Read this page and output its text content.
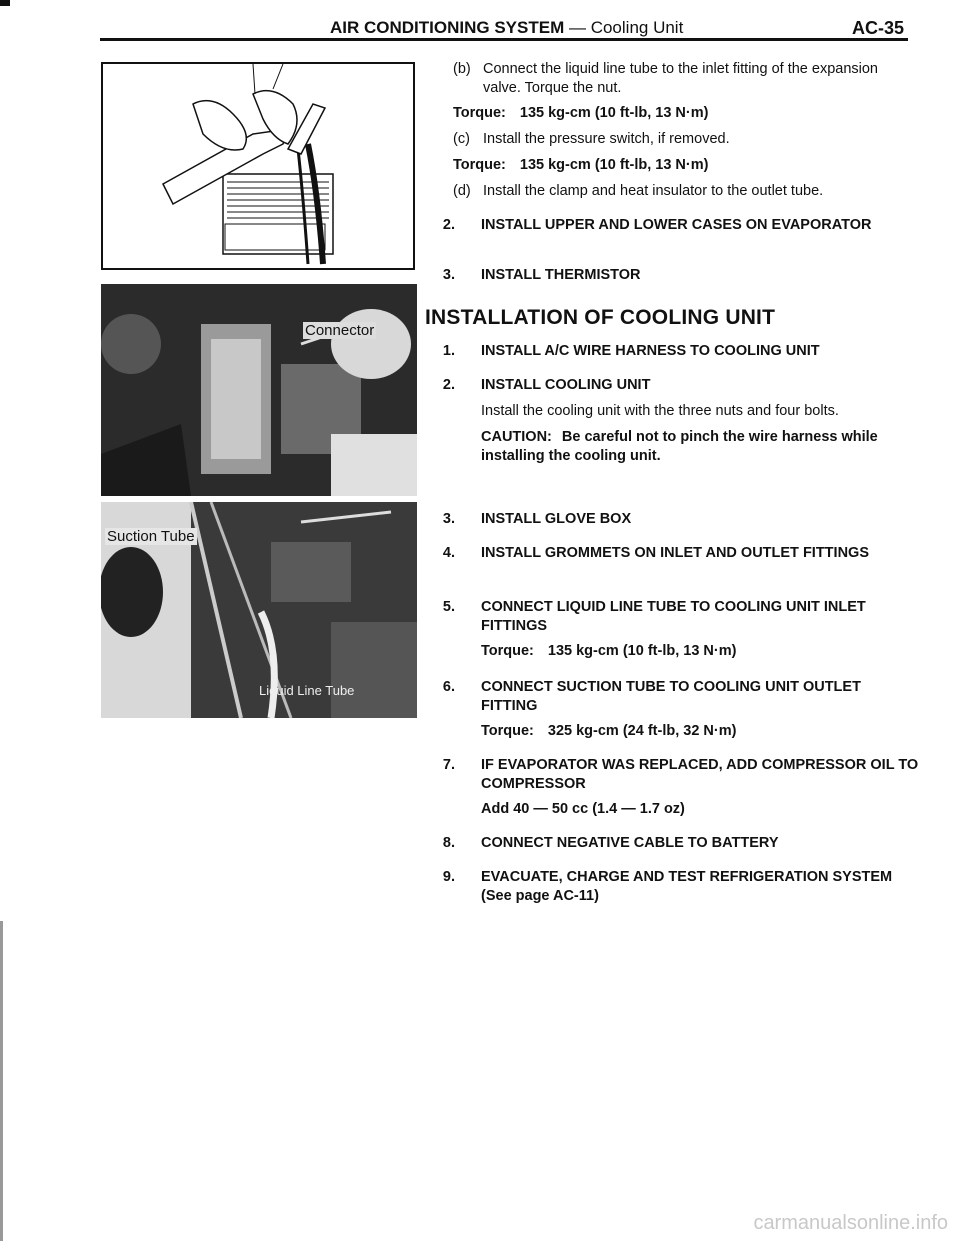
AIR CONDITIONING SYSTEM — Cooling Unit	AC-35
Connector
Suction Tube
Liquid Line Tube
(b) Connect the liquid line tube to the inlet fitting of the expansion valve. Torque the nut.
Torque: 135 kg-cm (10 ft-lb, 13 N·m)
(c) Install the pressure switch, if removed.
Torque: 135 kg-cm (10 ft-lb, 13 N·m)
(d) Install the clamp and heat insulator to the outlet tube.
2. INSTALL UPPER AND LOWER CASES ON EVAPORATOR
3. INSTALL THERMISTOR
INSTALLATION OF COOLING UNIT
1. INSTALL A/C WIRE HARNESS TO COOLING UNIT
2. INSTALL COOLING UNIT
Install the cooling unit with the three nuts and four bolts.
CAUTION: Be careful not to pinch the wire harness while installing the cooling unit.
3. INSTALL GLOVE BOX
4. INSTALL GROMMETS ON INLET AND OUTLET FITTINGS
5. CONNECT LIQUID LINE TUBE TO COOLING UNIT INLET FITTINGS
Torque: 135 kg-cm (10 ft-lb, 13 N·m)
6. CONNECT SUCTION TUBE TO COOLING UNIT OUTLET FITTING
Torque: 325 kg-cm (24 ft-lb, 32 N·m)
7. IF EVAPORATOR WAS REPLACED, ADD COMPRESSOR OIL TO COMPRESSOR
Add 40 — 50 cc (1.4 — 1.7 oz)
8. CONNECT NEGATIVE CABLE TO BATTERY
9. EVACUATE, CHARGE AND TEST REFRIGERATION SYSTEM (See page AC-11)
carmanualsonline.info
